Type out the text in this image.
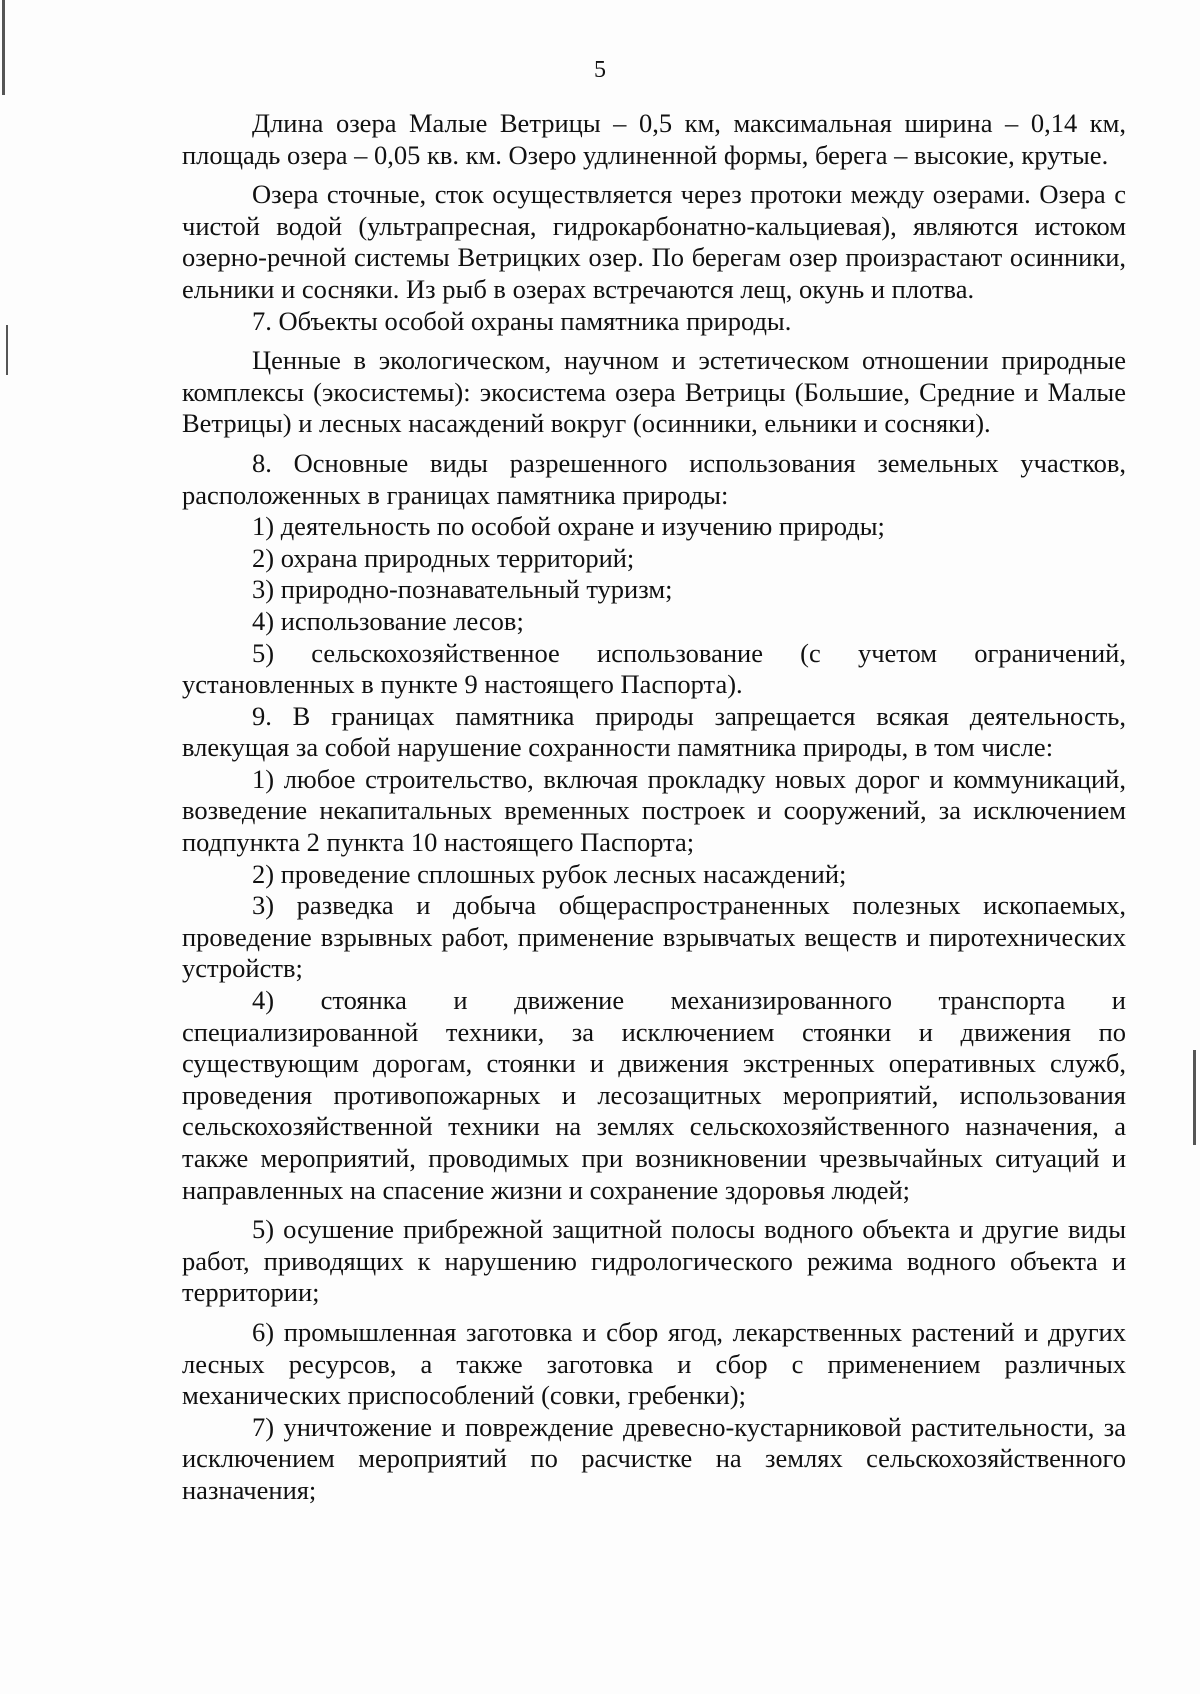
5

Длина озера Малые Ветрицы – 0,5 км, максимальная ширина – 0,14 км, площадь озера – 0,05 кв. км. Озеро удлиненной формы, берега – высокие, крутые.

Озера сточные, сток осуществляется через протоки между озерами. Озера с чистой водой (ультрапресная, гидрокарбонатно-кальциевая), являются истоком озерно-речной системы Ветрицких озер. По берегам озер произрастают осинники, ельники и сосняки. Из рыб в озерах встречаются лещ, окунь и плотва.

7. Объекты особой охраны памятника природы.

Ценные в экологическом, научном и эстетическом отношении природные комплексы (экосистемы): экосистема озера Ветрицы (Большие, Средние и Малые Ветрицы) и лесных насаждений вокруг (осинники, ельники и сосняки).

8. Основные виды разрешенного использования земельных участков, расположенных в границах памятника природы:

1) деятельность по особой охране и изучению природы;

2) охрана природных территорий;

3) природно-познавательный туризм;

4) использование лесов;

5) сельскохозяйственное использование (с учетом ограничений, установленных в пункте 9 настоящего Паспорта).

9. В границах памятника природы запрещается всякая деятельность, влекущая за собой нарушение сохранности памятника природы, в том числе:

1) любое строительство, включая прокладку новых дорог и коммуникаций, возведение некапитальных временных построек и сооружений, за исключением подпункта 2 пункта 10 настоящего Паспорта;

2) проведение сплошных рубок лесных насаждений;

3) разведка и добыча общераспространенных полезных ископаемых, проведение взрывных работ, применение взрывчатых веществ и пиротехнических устройств;

4) стоянка и движение механизированного транспорта и специализированной техники, за исключением стоянки и движения по существующим дорогам, стоянки и движения экстренных оперативных служб, проведения противопожарных и лесозащитных мероприятий, использования сельскохозяйственной техники на землях сельскохозяйственного назначения, а также мероприятий, проводимых при возникновении чрезвычайных ситуаций и направленных на спасение жизни и сохранение здоровья людей;

5) осушение прибрежной защитной полосы водного объекта и другие виды работ, приводящих к нарушению гидрологического режима водного объекта и территории;

6) промышленная заготовка и сбор ягод, лекарственных растений и других лесных ресурсов, а также заготовка и сбор с применением различных механических приспособлений (совки, гребенки);

7) уничтожение и повреждение древесно-кустарниковой растительности, за исключением мероприятий по расчистке на землях сельскохозяйственного назначения;
